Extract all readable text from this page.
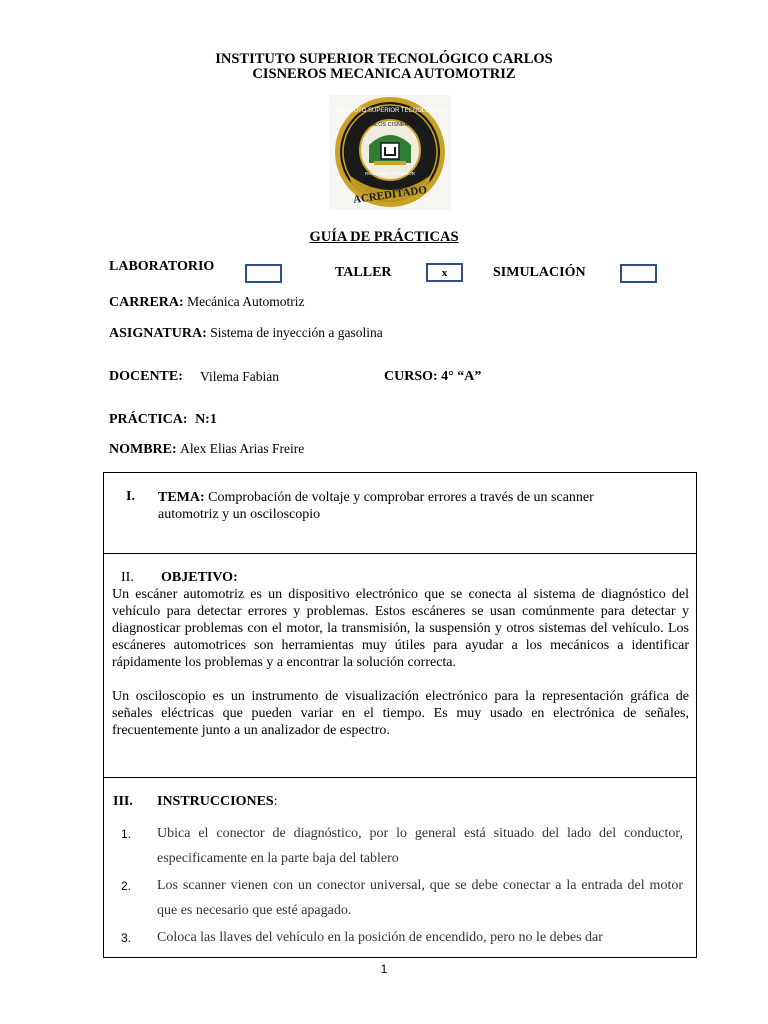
INSTITUTO SUPERIOR TECNOLÓGICO CARLOS
CISNEROS MECANICA AUTOMOTRIZ
ACREDITADO
INSTITUTO SUPERIOR TECNOLÓGICO
CARLOS CISNEROS
RIOBAMBA - ECUADOR
GUÍA DE PRÁCTICAS
LABORATORIO	TALLER	x	SIMULACIÓN
CARRERA: Mecánica Automotriz
ASIGNATURA: Sistema de inyección a gasolina
DOCENTE: Vilema Fabian	CURSO: 4° “A”
PRÁCTICA: N:1
NOMBRE: Alex Elias Arias Freire
I. TEMA: Comprobación de voltaje y comprobar errores a través de un scanner
automotriz y un osciloscopio
II. OBJETIVO:
Un escáner automotriz es un dispositivo electrónico que se conecta al sistema de diagnóstico del vehículo para detectar errores y problemas. Estos escáneres se usan comúnmente para detectar y diagnosticar problemas con el motor, la transmisión, la suspensión y otros sistemas del vehículo. Los escáneres automotrices son herramientas muy útiles para ayudar a los mecánicos a identificar rápidamente los problemas y a encontrar la solución correcta.
Un osciloscopio es un instrumento de visualización electrónico para la representación gráfica de señales eléctricas que pueden variar en el tiempo. Es muy usado en electrónica de señales, frecuentemente junto a un analizador de espectro.
III. INSTRUCCIONES:
1. Ubica el conector de diagnóstico, por lo general está situado del lado del conductor, especificamente en la parte baja del tablero
2. Los scanner vienen con un conector universal, que se debe conectar a la entrada del motor que es necesario que esté apagado.
3. Coloca las llaves del vehículo en la posición de encendido, pero no le debes dar
1
